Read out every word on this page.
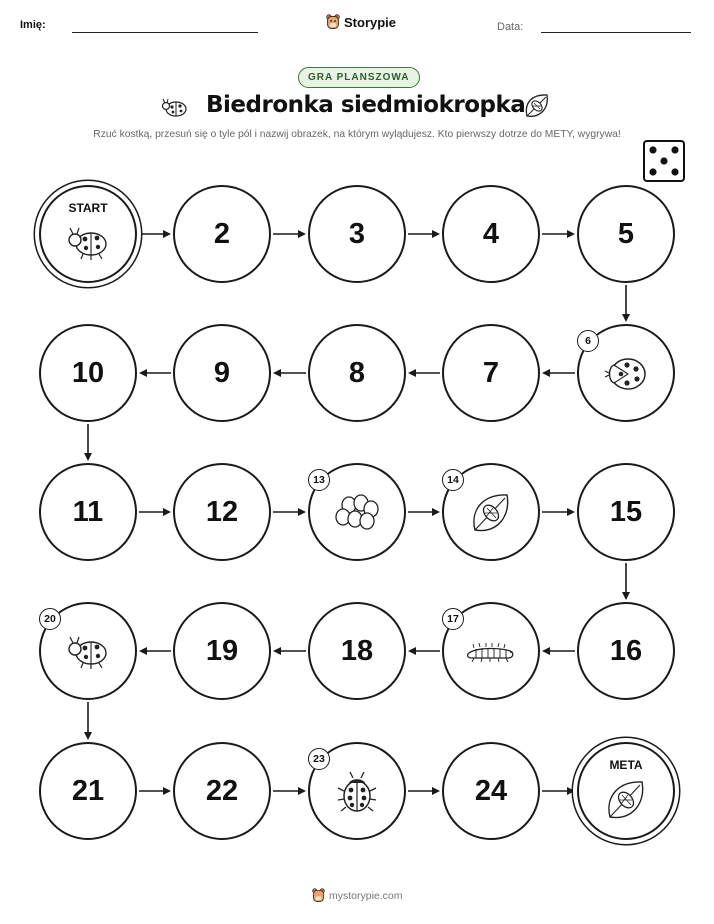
Imię:	Storypie	Data:
GRA PLANSZOWA
Biedronka siedmiokropka
Rzuć kostką, przesuń się o tyle pól i nazwij obrazek, na którym wylądujesz. Kto pierwszy dotrze do METY, wygrywa!
START
2	3	4	5
6
7
8
9
10
11	12
13	14
15
16
17
18
19
20
21	22
23
24
META
mystorypie.com
